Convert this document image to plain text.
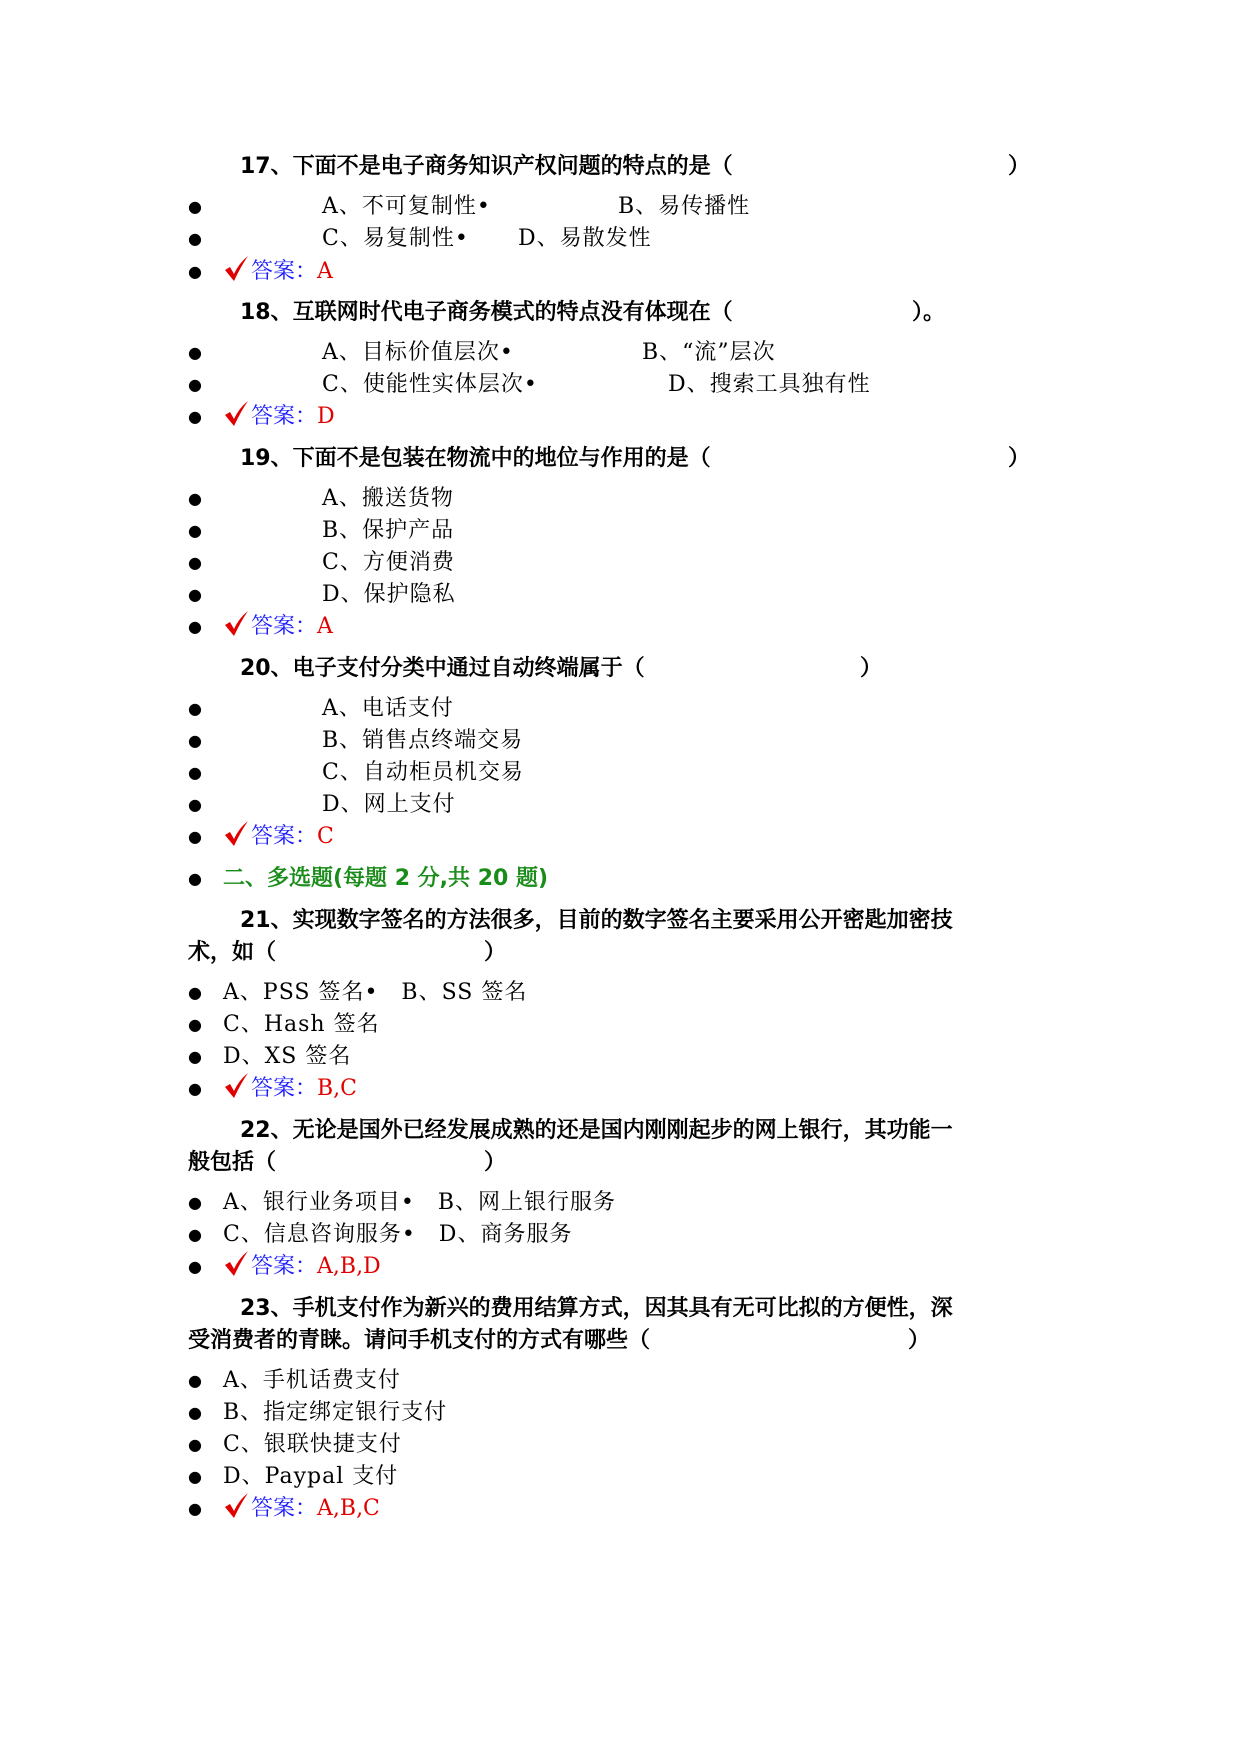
17、下面不是电子商务知识产权问题的特点的是（	）
●	A、不可复制性•	B、易传播性
●	C、易复制性• D、易散发性
●	答案：A
18、互联网时代电子商务模式的特点没有体现在（	）。
●	A、目标价值层次•	B、“流”层次
●	C、使能性实体层次•	D、搜索工具独有性
●	答案：D
19、下面不是包装在物流中的地位与作用的是（	）
●	A、搬送货物
●	B、保护产品
●	C、方便消费
●	D、保护隐私
●	答案：A
20、电子支付分类中通过自动终端属于（	）
●	A、电话支付
●	B、销售点终端交易
●	C、自动柜员机交易
●	D、网上支付
●	答案：C
● 二、多选题(每题 2 分,共 20 题)
21、实现数字签名的方法很多，目前的数字签名主要采用公开密匙加密技
术，如（	）
● A、PSS 签名•　B、SS 签名
● C、Hash 签名
● D、XS 签名
●	答案：B,C
22、无论是国外已经发展成熟的还是国内刚刚起步的网上银行，其功能一
般包括（	）
● A、银行业务项目•　B、网上银行服务
● C、信息咨询服务•　D、商务服务
●	答案：A,B,D
23、手机支付作为新兴的费用结算方式，因其具有无可比拟的方便性，深
受消费者的青睐。请问手机支付的方式有哪些（	）
● A、手机话费支付
● B、指定绑定银行支付
● C、银联快捷支付
● D、Paypal 支付
●	答案：A,B,C
